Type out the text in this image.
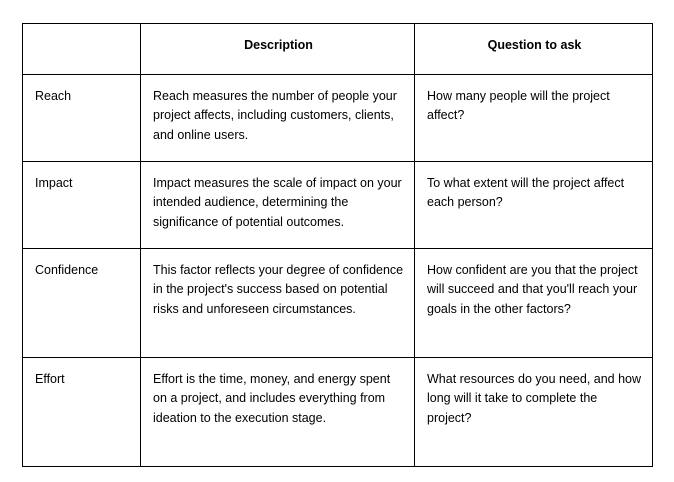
	Description	Question to ask

Reach	Reach measures the number of people your project affects, including customers, clients, and online users.	How many people will the project affect?

Impact	Impact measures the scale of impact on your intended audience, determining the significance of potential outcomes.	To what extent will the project affect each person?

Confidence	This factor reflects your degree of confidence in the project's success based on potential risks and unforeseen circumstances.	How confident are you that the project will succeed and that you'll reach your goals in the other factors?

Effort	Effort is the time, money, and energy spent on a project, and includes everything from ideation to the execution stage.	What resources do you need, and how long will it take to complete the project?
